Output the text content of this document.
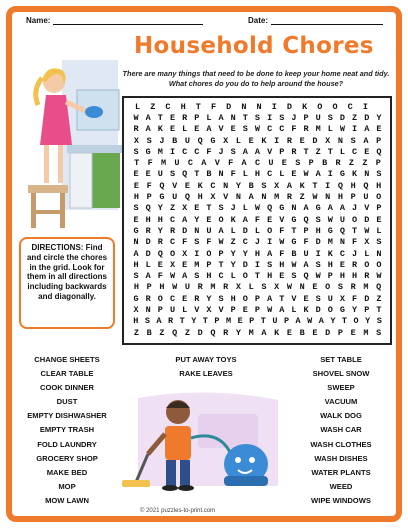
Name:	Date:
Household Chores
There are many things that need to be done to keep your home neat and tidy. What chores do you do to help around the house?
L	Z	C	H	T	F	D	N	N	I	D	K	O	O	C	I
W A T E R P L A N T S I S J P U S D Z D Y
R A K E L E A V E S W C C F R M L W I A E
X S J B U Q G X L E K I R E D X N S A P
S G M I C C F J S A A V P R T Z T L C E Q
T F M U C A V F A C U E S P B R Z Z P
E E U S Q T B N F L H C L E W A I G K N S
E F Q V E K C N Y B S X A K T I Q H Q H
H P G U Q H X V N A N M R Z W N H P U O
S Q Y Z X E T S J L W Q G N A G A A J V P
E H H C A Y E O K A F E V G Q S W U O D E
G R Y R D N U A L D L O F T P H G Q T W L
N D R C F S F W Z C J I W G F D M N F X S
A D Q O X I O P Y Y H A F B U I K C J L N
H L E X E M P T Y D I S H W A S H E R O O
S A F W A S H C L O T H E S Q W P H H R W
H P H W U R M R X L S X W N E O S R M Q
G R O C E R Y S H O P A T V E S U X F D Z
X N P U L V X V P E P W A L K D O G Y P T
H S A R T Y T P M E P T U P A W A Y T O Y S
Z B Z Q Z D Q R Y M A K E B E D P E M S
DIRECTIONS: Find and circle the chores in the grid. Look for them in all directions including backwards and diagonally.
CHANGE SHEETS
CLEAR TABLE
COOK DINNER
DUST
EMPTY DISHWASHER
EMPTY TRASH
FOLD LAUNDRY
GROCERY SHOP
MAKE BED
MOP
MOW LAWN
PUT AWAY TOYS
RAKE LEAVES
SET TABLE
SHOVEL SNOW
SWEEP
VACUUM
WALK DOG
WASH CAR
WASH CLOTHES
WASH DISHES
WATER PLANTS
WEED
WIPE WINDOWS
© 2021 puzzles-to-print.com
